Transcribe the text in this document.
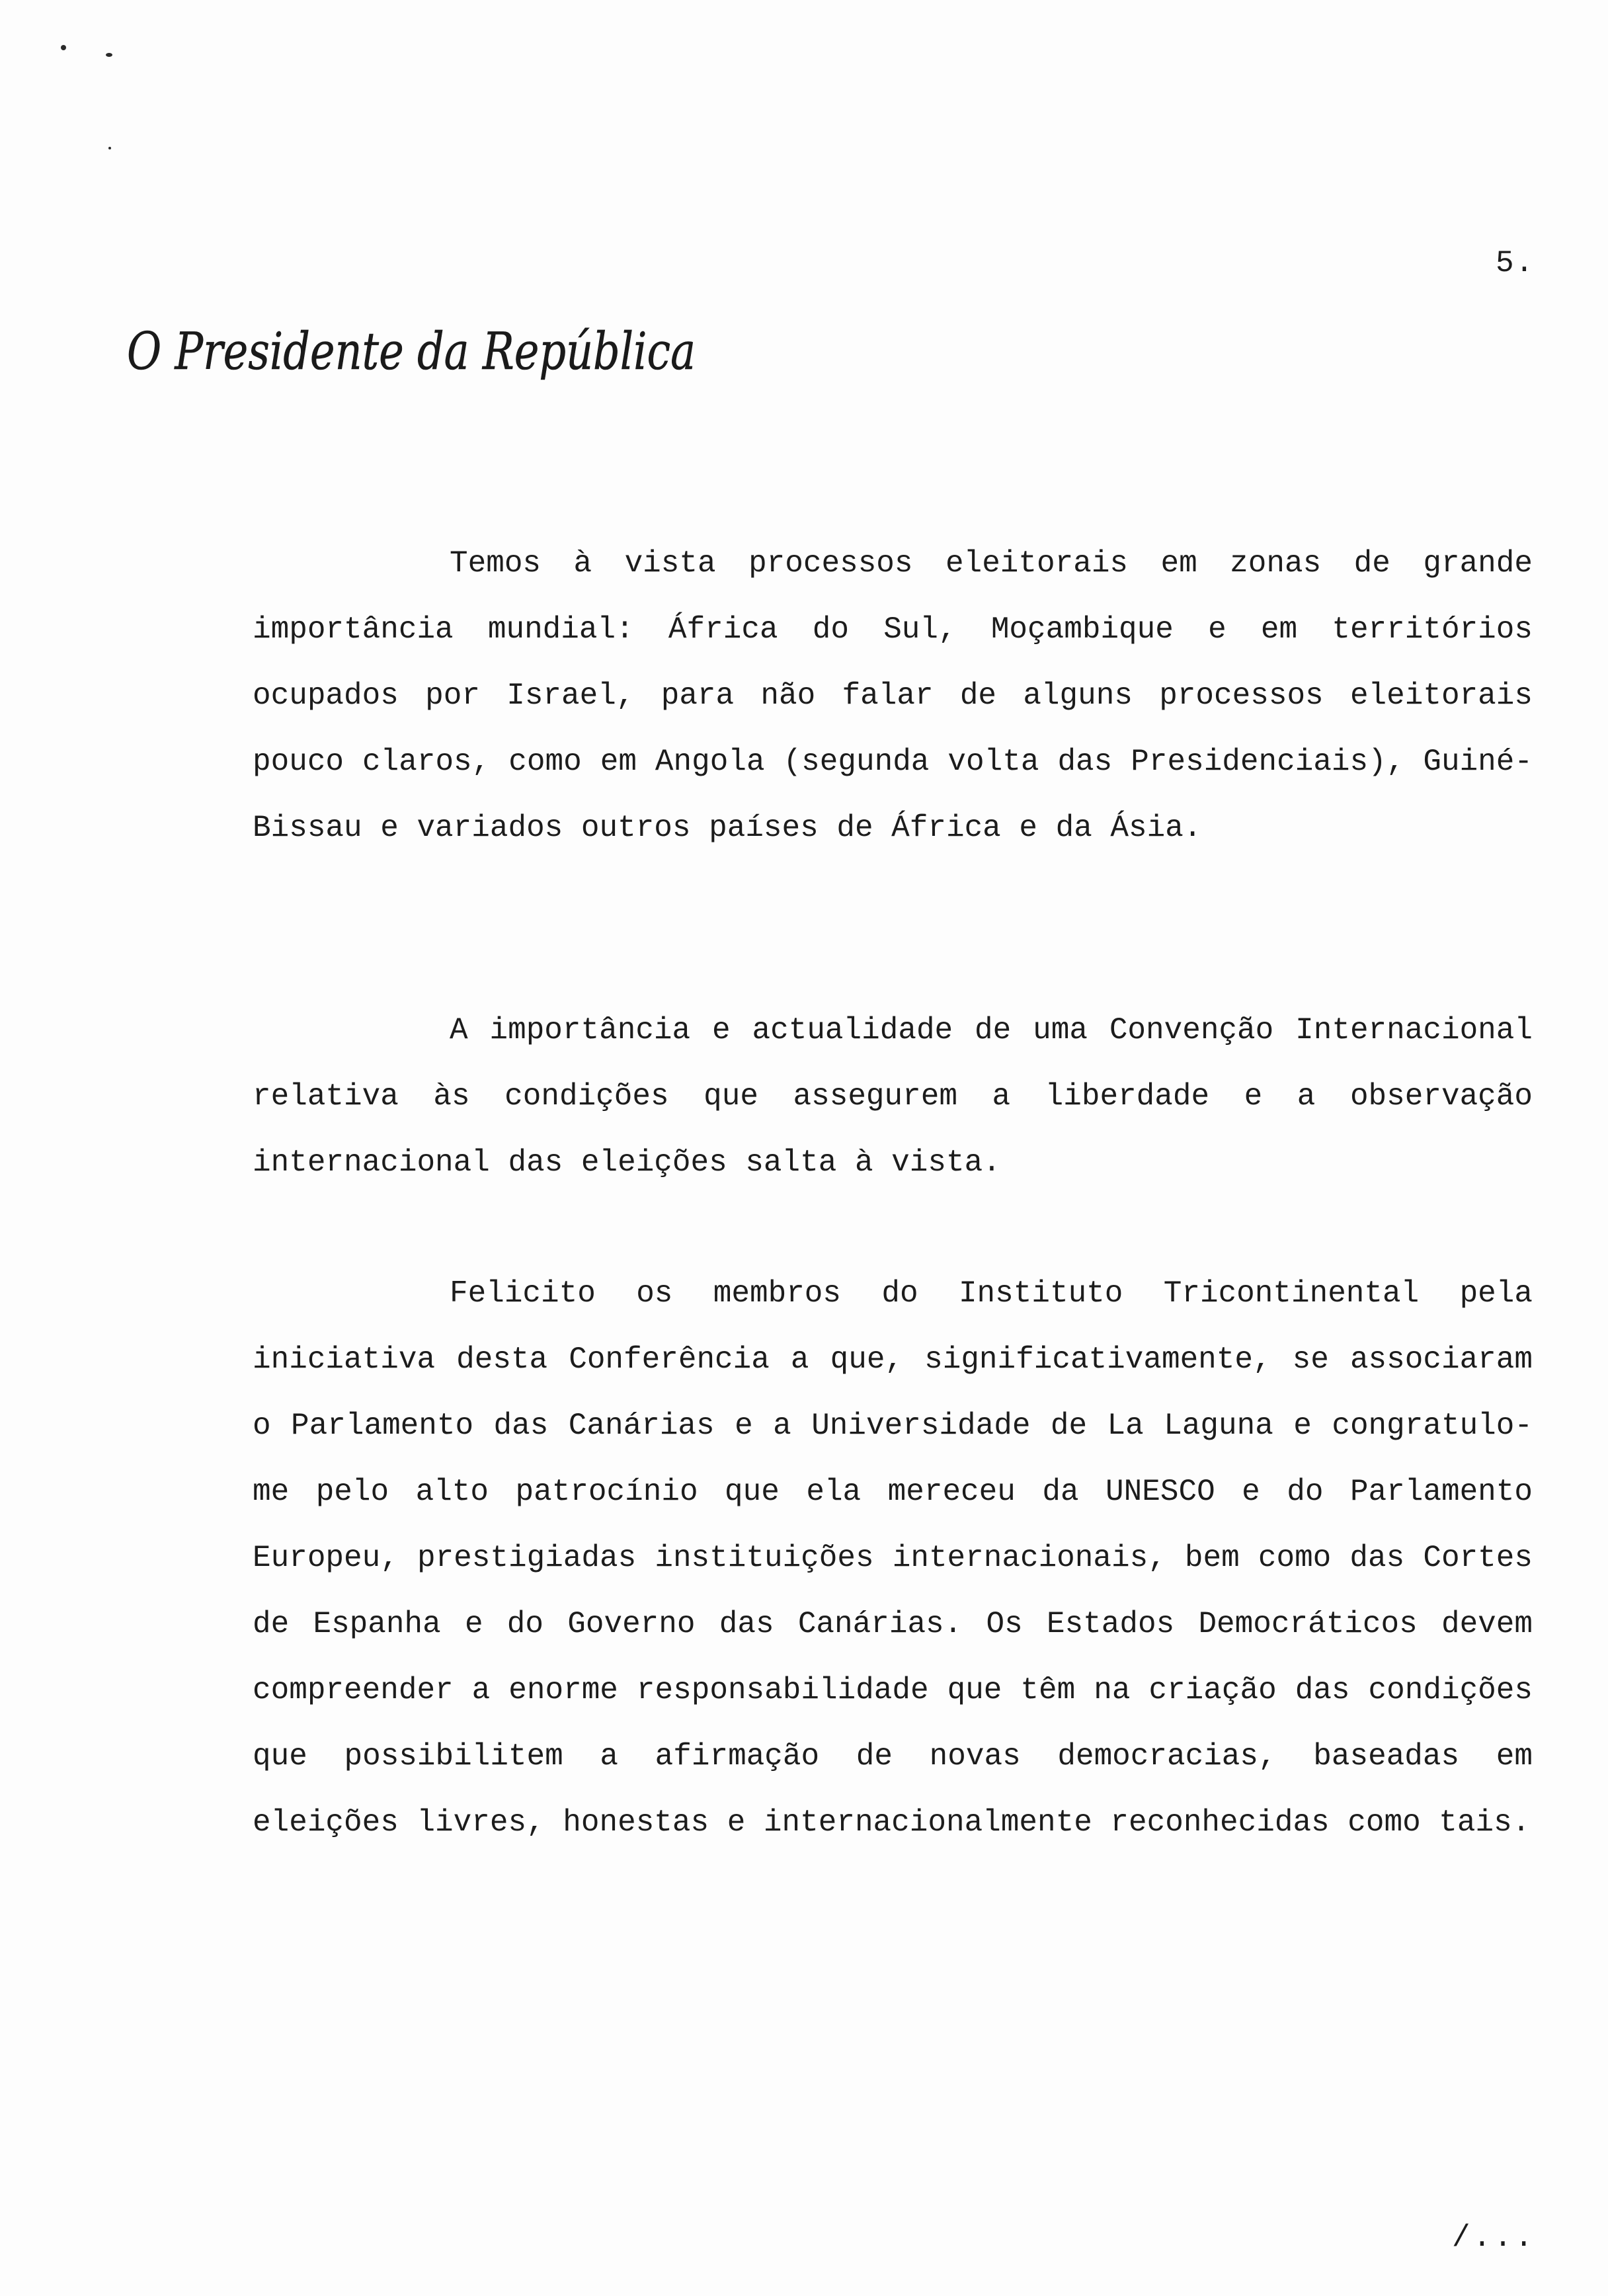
5.
O Presidente da República

Temos à vista processos eleitorais em zonas de grande importância mundial: África do Sul, Moçambique e em territórios ocupados por Israel, para não falar de alguns processos eleitorais pouco claros, como em Angola (segunda volta das Presidenciais), Guiné-Bissau e variados outros países de África e da Ásia.

A importância e actualidade de uma Convenção Internacional relativa às condições que assegurem a liberdade e a observação internacional das eleições salta à vista.

Felicito os membros do Instituto Tricontinental pela iniciativa desta Conferência a que, significativamente, se associaram o Parlamento das Canárias e a Universidade de La Laguna e congratulo-me pelo alto patrocínio que ela mereceu da UNESCO e do Parlamento Europeu, prestigiadas instituições internacionais, bem como das Cortes de Espanha e do Governo das Canárias. Os Estados Democráticos devem compreender a enorme responsabilidade que têm na criação das condições que possibilitem a afirmação de novas democracias, baseadas em eleições livres, honestas e internacionalmente reconhecidas como tais.

/...
